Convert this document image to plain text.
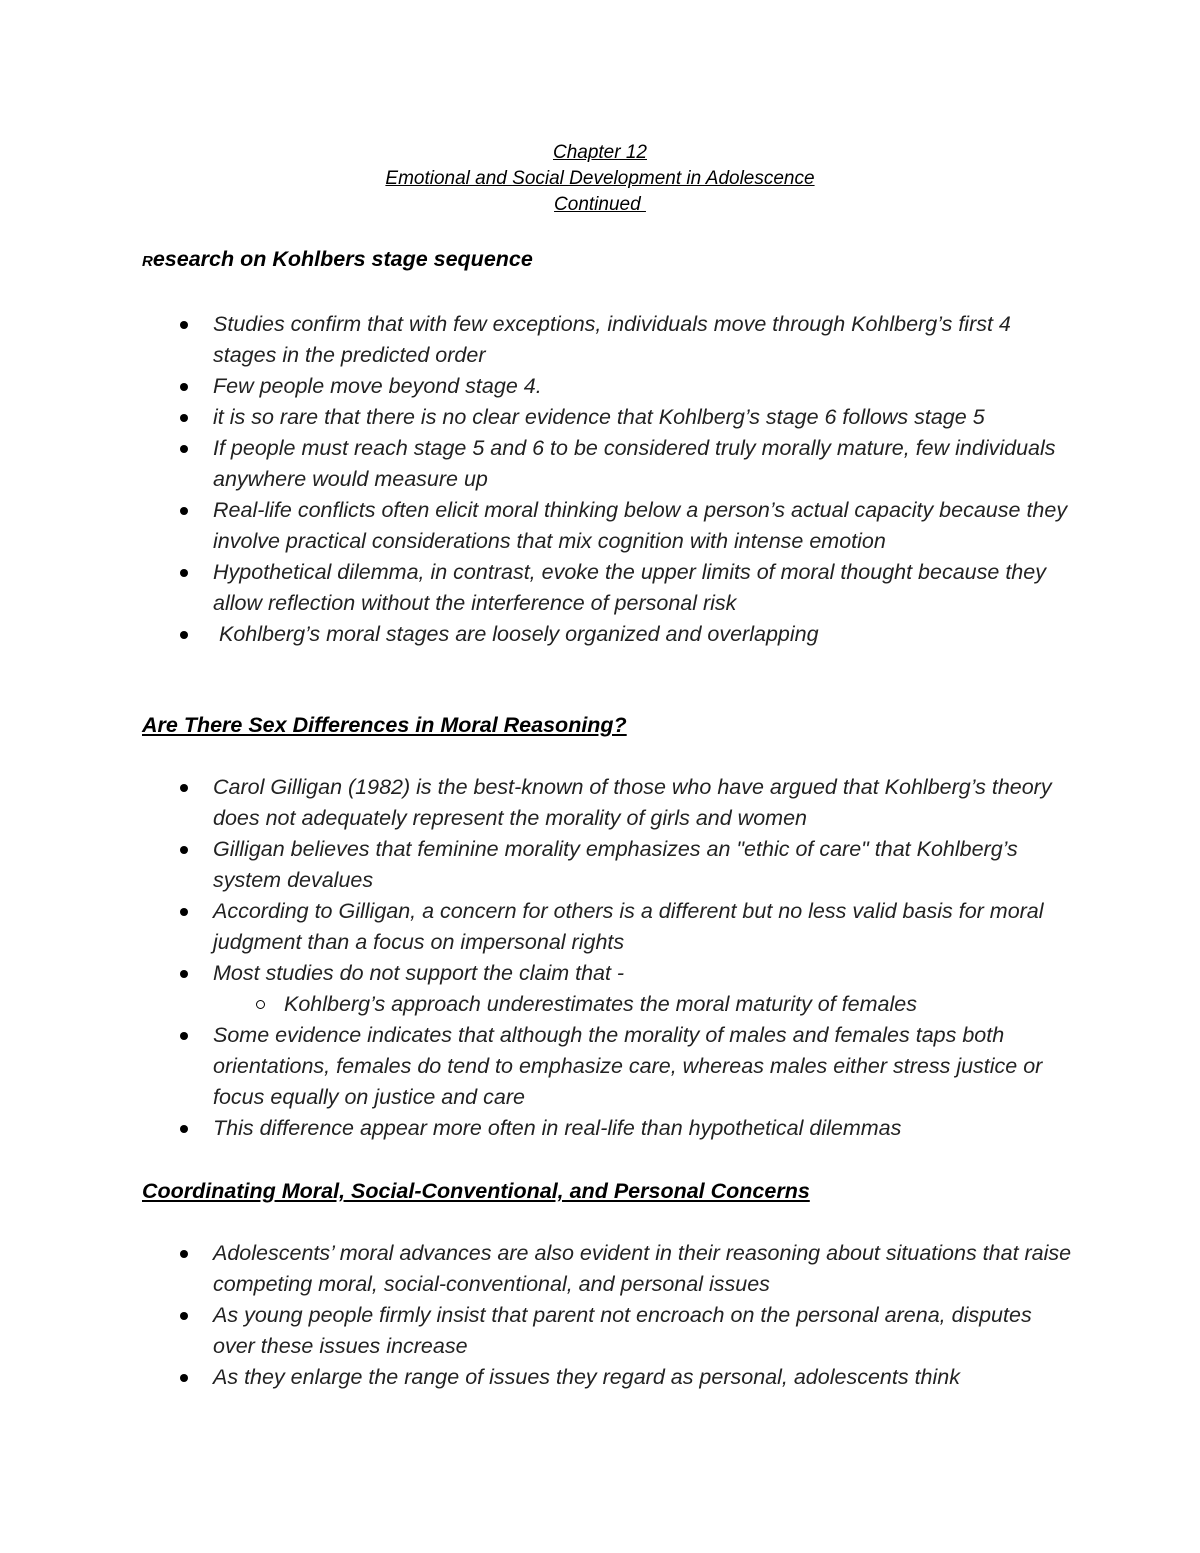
Chapter 12
Emotional and Social Development in Adolescence
Continued
Research on Kohlbers stage sequence
Studies confirm that with few exceptions, individuals move through Kohlberg’s first 4 stages in the predicted order
Few people move beyond stage 4.
it is so rare that there is no clear evidence that Kohlberg’s stage 6 follows stage 5
If people must reach stage 5 and 6 to be considered truly morally mature, few individuals anywhere would measure up
Real-life conflicts often elicit moral thinking below a person’s actual capacity because they involve practical considerations that mix cognition with intense emotion
Hypothetical dilemma, in contrast, evoke the upper limits of moral thought because they allow reflection without the interference of personal risk
Kohlberg’s moral stages are loosely organized and overlapping
Are There Sex Differences in Moral Reasoning?
Carol Gilligan (1982) is the best-known of those who have argued that Kohlberg’s theory does not adequately represent the morality of girls and women
Gilligan believes that feminine morality emphasizes an "ethic of care" that Kohlberg’s system devalues
According to Gilligan, a concern for others is a different but no less valid basis for moral judgment than a focus on impersonal rights
Most studies do not support the claim that -
Kohlberg’s approach underestimates the moral maturity of females
Some evidence indicates that although the morality of males and females taps both orientations, females do tend to emphasize care, whereas males either stress justice or focus equally on justice and care
This difference appear more often in real-life than hypothetical dilemmas
Coordinating Moral, Social-Conventional, and Personal Concerns
Adolescents’ moral advances are also evident in their reasoning about situations that raise competing moral, social-conventional, and personal issues
As young people firmly insist that parent not encroach on the personal arena, disputes over these issues increase
As they enlarge the range of issues they regard as personal, adolescents think
